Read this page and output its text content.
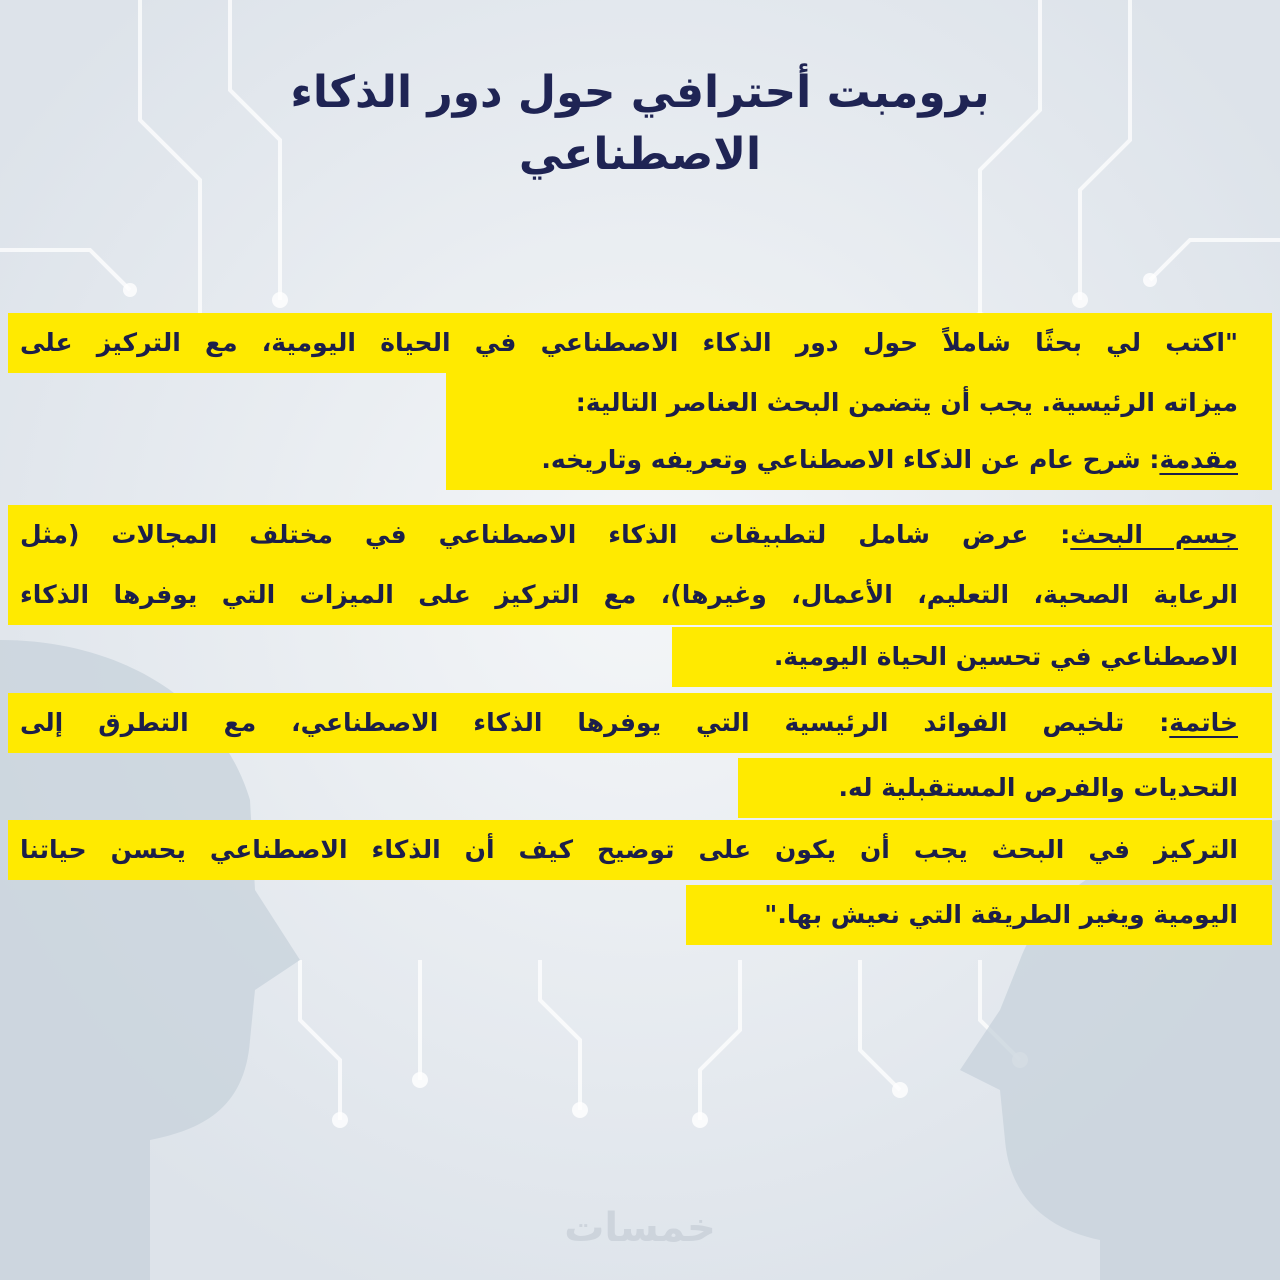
برومبت أحترافي حول دور الذكاء
الاصطناعي
"اكتب لي بحثًا شاملاً حول دور الذكاء الاصطناعي في الحياة اليومية، مع التركيز على
ميزاته الرئيسية. يجب أن يتضمن البحث العناصر التالية:
مقدمة: شرح عام عن الذكاء الاصطناعي وتعريفه وتاريخه.
جسم البحث: عرض شامل لتطبيقات الذكاء الاصطناعي في مختلف المجالات (مثل
الرعاية الصحية، التعليم، الأعمال، وغيرها)، مع التركيز على الميزات التي يوفرها الذكاء
الاصطناعي في تحسين الحياة اليومية.
خاتمة: تلخيص الفوائد الرئيسية التي يوفرها الذكاء الاصطناعي، مع التطرق إلى
التحديات والفرص المستقبلية له.
التركيز في البحث يجب أن يكون على توضيح كيف أن الذكاء الاصطناعي يحسن حياتنا
اليومية ويغير الطريقة التي نعيش بها."
خمسات
